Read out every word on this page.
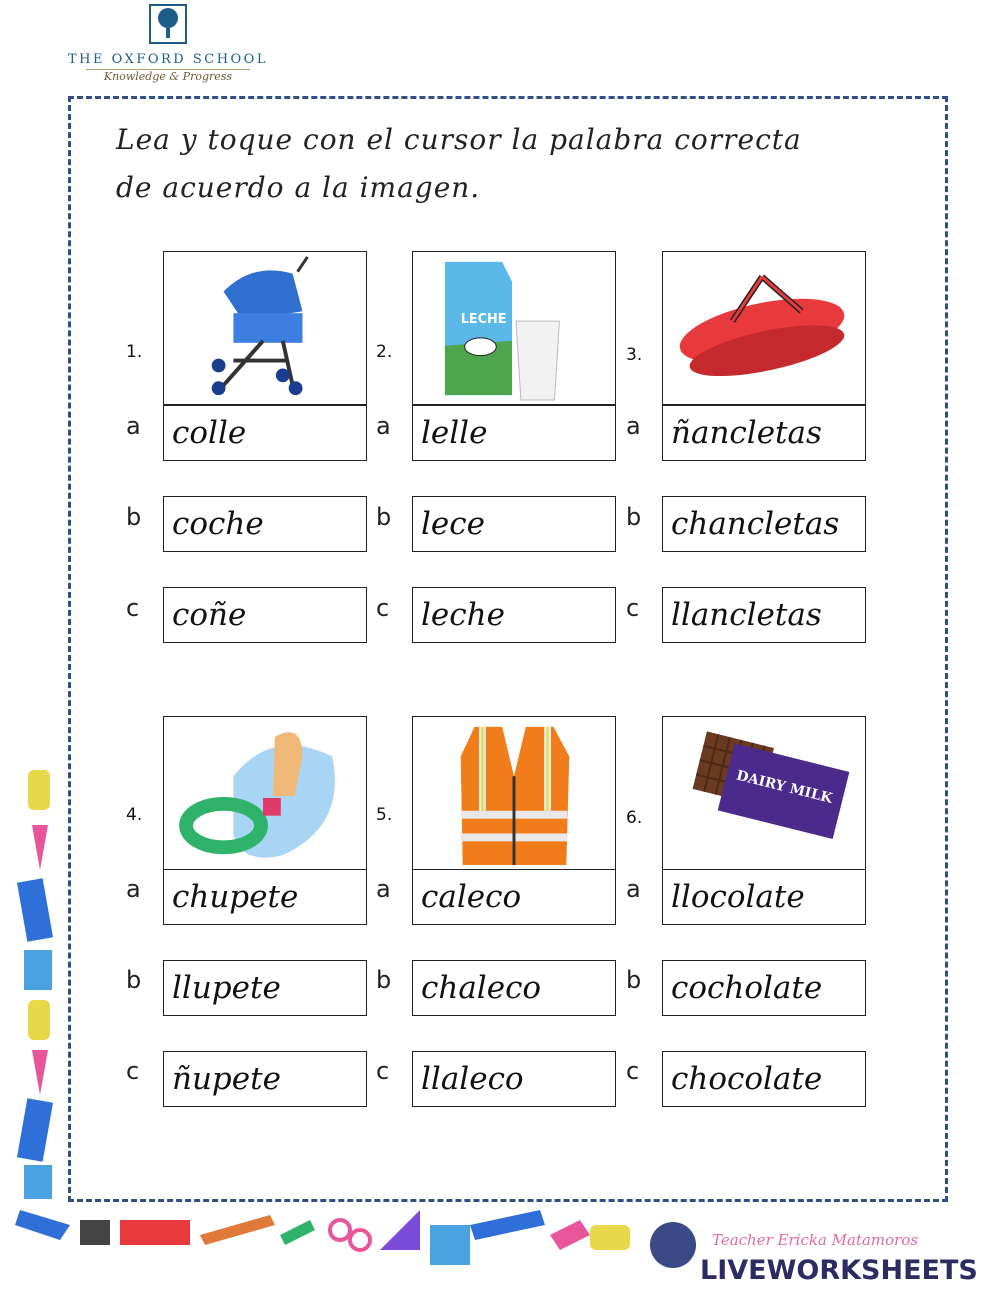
THE OXFORD SCHOOL
Knowledge & Progress
Lea y toque con el cursor la palabra correcta
de acuerdo a la imagen.
1.
a colle
b coche
c coñe
2.
LECHE
a lelle
b lece
c leche
3.
a ñancletas
b chancletas
c llancletas
4.
a chupete
b llupete
c ñupete
5.
a caleco
b chaleco
c llaleco
6.
DAIRY MILK
a llocolate
b cocholate
c chocolate
Teacher Ericka Matamoros
LIVEWORKSHEETS
